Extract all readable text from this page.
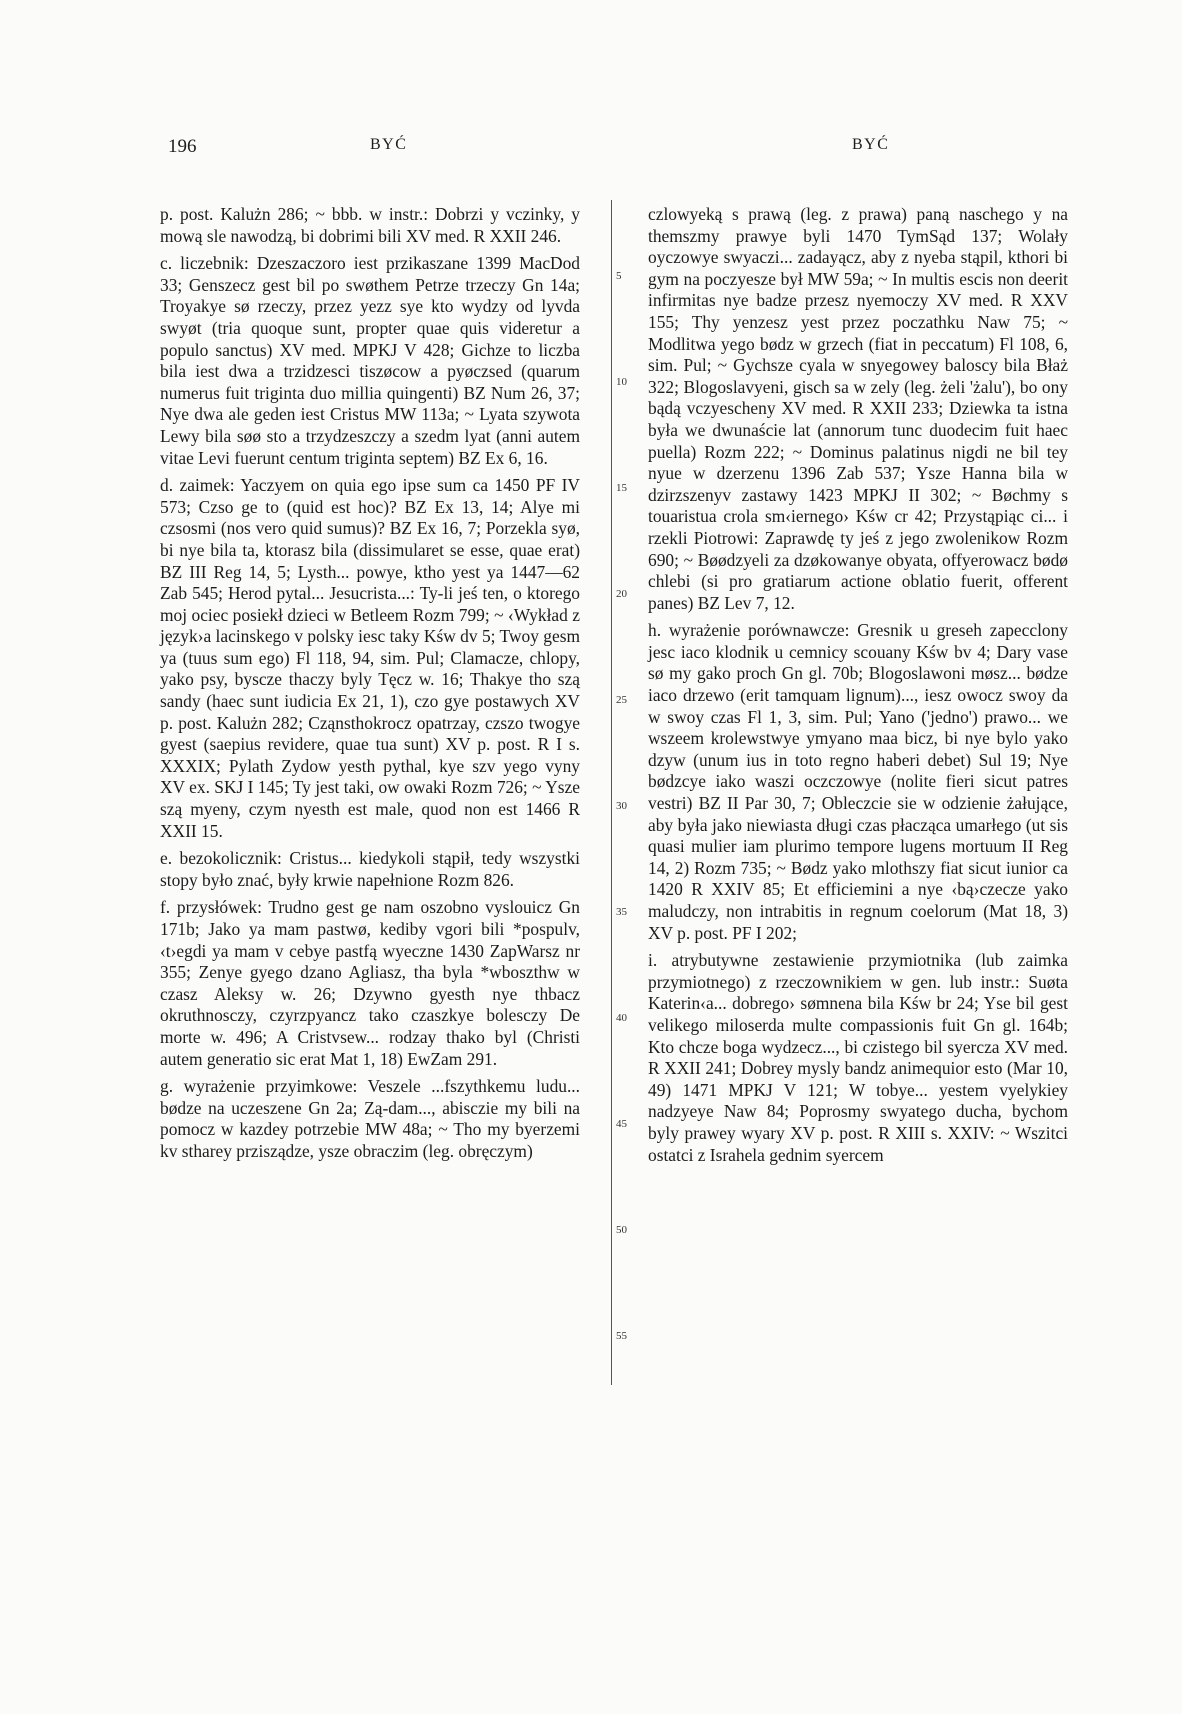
196	BYĆ	BYĆ

p. post. Kalużn 286; ~ bbb. w instr.: Dobrzi y vczinky, y mową sle nawodzą, bi dobrimi bili XV med. R XXII 246.

c. liczebnik: Dzeszaczoro iest przikaszane 1399 MacDod 33; Genszecz gest bil po swøthem Petrze trzeczy Gn 14a; Troyakye sø rzeczy, przez yezz sye kto wydzy od lyvda swyøt (tria quoque sunt, propter quae quis videretur a populo sanctus) XV med. MPKJ V 428; Gichze to liczba bila iest dwa a trzidzesci tiszøcow a pyøczsed (quarum numerus fuit triginta duo millia quingenti) BZ Num 26, 37; Nye dwa ale geden iest Cristus MW 113a; ~ Lyata szywota Lewy bila søø sto a trzydzeszczy a szedm lyat (anni autem vitae Levi fuerunt centum triginta septem) BZ Ex 6, 16.

d. zaimek: Yaczyem on quia ego ipse sum ca 1450 PF IV 573; Czso ge to (quid est hoc)? BZ Ex 13, 14; Alye mi czsosmi (nos vero quid sumus)? BZ Ex 16, 7; Porzekla syø, bi nye bila ta, ktorasz bila (dissimularet se esse, quae erat) BZ III Reg 14, 5; Lysth... powye, ktho yest ya 1447—62 Zab 545; Herod pytal... Jesucrista...: Ty-li jeś ten, o ktorego moj ociec posiekł dzieci w Betleem Rozm 799; ~ ‹Wykład z język›a lacinskego v polsky iesc taky Kśw dv 5; Twoy gesm ya (tuus sum ego) Fl 118, 94, sim. Pul; Clamacze, chlopy, yako psy, byscze thaczy byly Tęcz w. 16; Thakye tho szą sandy (haec sunt iudicia Ex 21, 1), czo gye postawych XV p. post. Kalużn 282; Cząnsthokrocz opatrzay, czszo twogye gyest (saepius revidere, quae tua sunt) XV p. post. R I s. XXXIX; Pylath Zydow yesth pythal, kye szv yego vyny XV ex. SKJ I 145; Ty jest taki, ow owaki Rozm 726; ~ Ysze szą myeny, czym nyesth est male, quod non est 1466 R XXII 15.

e. bezokolicznik: Cristus... kiedykoli stąpił, tedy wszystki stopy było znać, były krwie napełnione Rozm 826.

f. przysłówek: Trudno gest ge nam oszobno vyslouicz Gn 171b; Jako ya mam pastwø, kediby vgori bili *pospulv, ‹t›egdi ya mam v cebye pastfą wyeczne 1430 ZapWarsz nr 355; Zenye gyego dzano Agliasz, tha byla *wboszthw w czasz Aleksy w. 26; Dzywno gyesth nye thbacz okruthnosczy, czyrzpyancz tako czaszkye bolesczy De morte w. 496; A Cristvsew... rodzay thako byl (Christi autem generatio sic erat Mat 1, 18) EwZam 291.

g. wyrażenie przyimkowe: Veszele ...fszythkemu ludu... bødze na uczeszene Gn 2a; Zą-dam..., abisczie my bili na pomocz w kazdey potrzebie MW 48a; ~ Tho my byerzemi kv stharey przisządze, ysze obraczim (leg. obręczym)

5
10
15
20
25
30
35
40
45
50
55

czlowyeką s prawą (leg. z prawa) paną naschego y na themszmy prawye byli 1470 TymSąd 137; Wolały oyczowye swyaczi... zadayącz, aby z nyeba stąpil, kthori bi gym na poczyesze był MW 59a; ~ In multis escis non deerit infirmitas nye badze przesz nyemoczy XV med. R XXV 155; Thy yenzesz yest przez poczathku Naw 75; ~ Modlitwa yego bødz w grzech (fiat in peccatum) Fl 108, 6, sim. Pul; ~ Gychsze cyala w snyegowey baloscy bila Błaż 322; Blogoslavyeni, gisch sa w zely (leg. żeli 'żalu'), bo ony bądą vczyescheny XV med. R XXII 233; Dziewka ta istna była we dwunaście lat (annorum tunc duodecim fuit haec puella) Rozm 222; ~ Dominus palatinus nigdi ne bil tey nyue w dzerzenu 1396 Zab 537; Ysze Hanna bila w dzirzszenyv zastawy 1423 MPKJ II 302; ~ Bøchmy s touaristua crola sm‹iernego› Kśw cr 42; Przystąpiąc ci... i rzekli Piotrowi: Zaprawdę ty jeś z jego zwolenikow Rozm 690; ~ Bøødzyeli za dzøkowanye obyata, offyerowacz bødø chlebi (si pro gratiarum actione oblatio fuerit, offerent panes) BZ Lev 7, 12.

h. wyrażenie porównawcze: Gresnik u greseh zapecclony jesc iaco klodnik u cemnicy scouany Kśw bv 4; Dary vase sø my gako proch Gn gl. 70b; Blogoslawoni møsz... bødze iaco drzewo (erit tamquam lignum)..., iesz owocz swoy da w swoy czas Fl 1, 3, sim. Pul; Yano ('jedno') prawo... we wszeem krolewstwye ymyano maa bicz, bi nye bylo yako dzyw (unum ius in toto regno haberi debet) Sul 19; Nye bødzcye iako waszi oczczowye (nolite fieri sicut patres vestri) BZ II Par 30, 7; Obleczcie sie w odzienie żałujące, aby była jako niewiasta długi czas płacząca umarłego (ut sis quasi mulier iam plurimo tempore lugens mortuum II Reg 14, 2) Rozm 735; ~ Bødz yako mlothszy fiat sicut iunior ca 1420 R XXIV 85; Et efficiemini a nye ‹bą›czecze yako maludczy, non intrabitis in regnum coelorum (Mat 18, 3) XV p. post. PF I 202;

i. atrybutywne zestawienie przymiotnika (lub zaimka przymiotnego) z rzeczownikiem w gen. lub instr.: Suøta Katerin‹a... dobrego› sømnena bila Kśw br 24; Yse bil gest velikego miloserda multe compassionis fuit Gn gl. 164b; Kto chcze boga wydzecz..., bi czistego bil syercza XV med. R XXII 241; Dobrey mysly bandz animequior esto (Mar 10, 49) 1471 MPKJ V 121; W tobye... yestem vyelykiey nadzyeye Naw 84; Poprosmy swyatego ducha, bychom byly prawey wyary XV p. post. R XIII s. XXIV: ~ Wszitci ostatci z Israhela gednim syercem
